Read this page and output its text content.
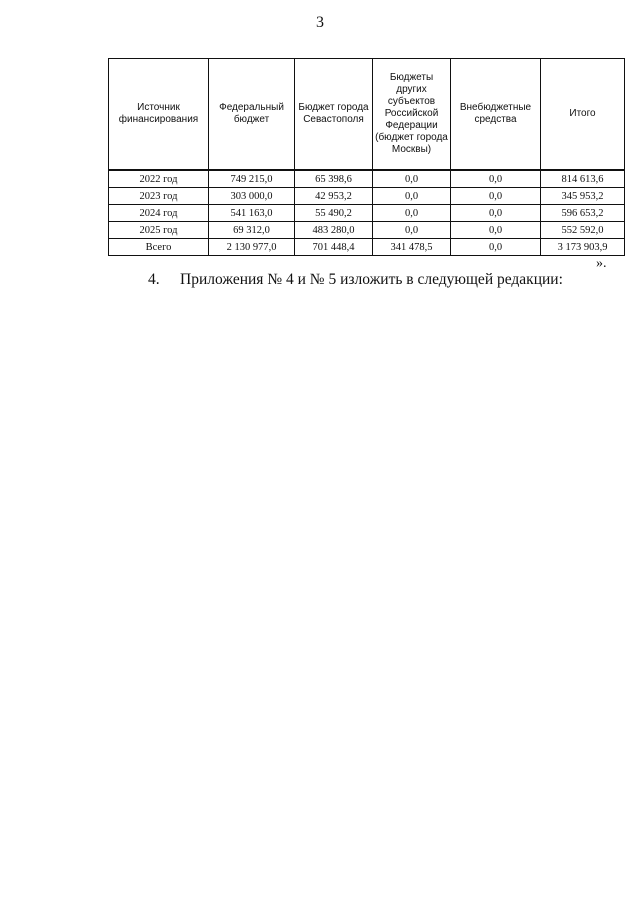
3
Источник финансирования	Федеральный бюджет	Бюджет города Севастополя	Бюджеты других субъектов Российской Федерации (бюджет города Москвы)	Внебюджетные средства	Итого
2022 год	749 215,0	65 398,6	0,0	0,0	814 613,6
2023 год	303 000,0	42 953,2	0,0	0,0	345 953,2
2024 год	541 163,0	55 490,2	0,0	0,0	596 653,2
2025 год	69 312,0	483 280,0	0,0	0,0	552 592,0
Всего	2 130 977,0	701 448,4	341 478,5	0,0	3 173 903,9
».
4. Приложения № 4 и № 5 изложить в следующей редакции:
